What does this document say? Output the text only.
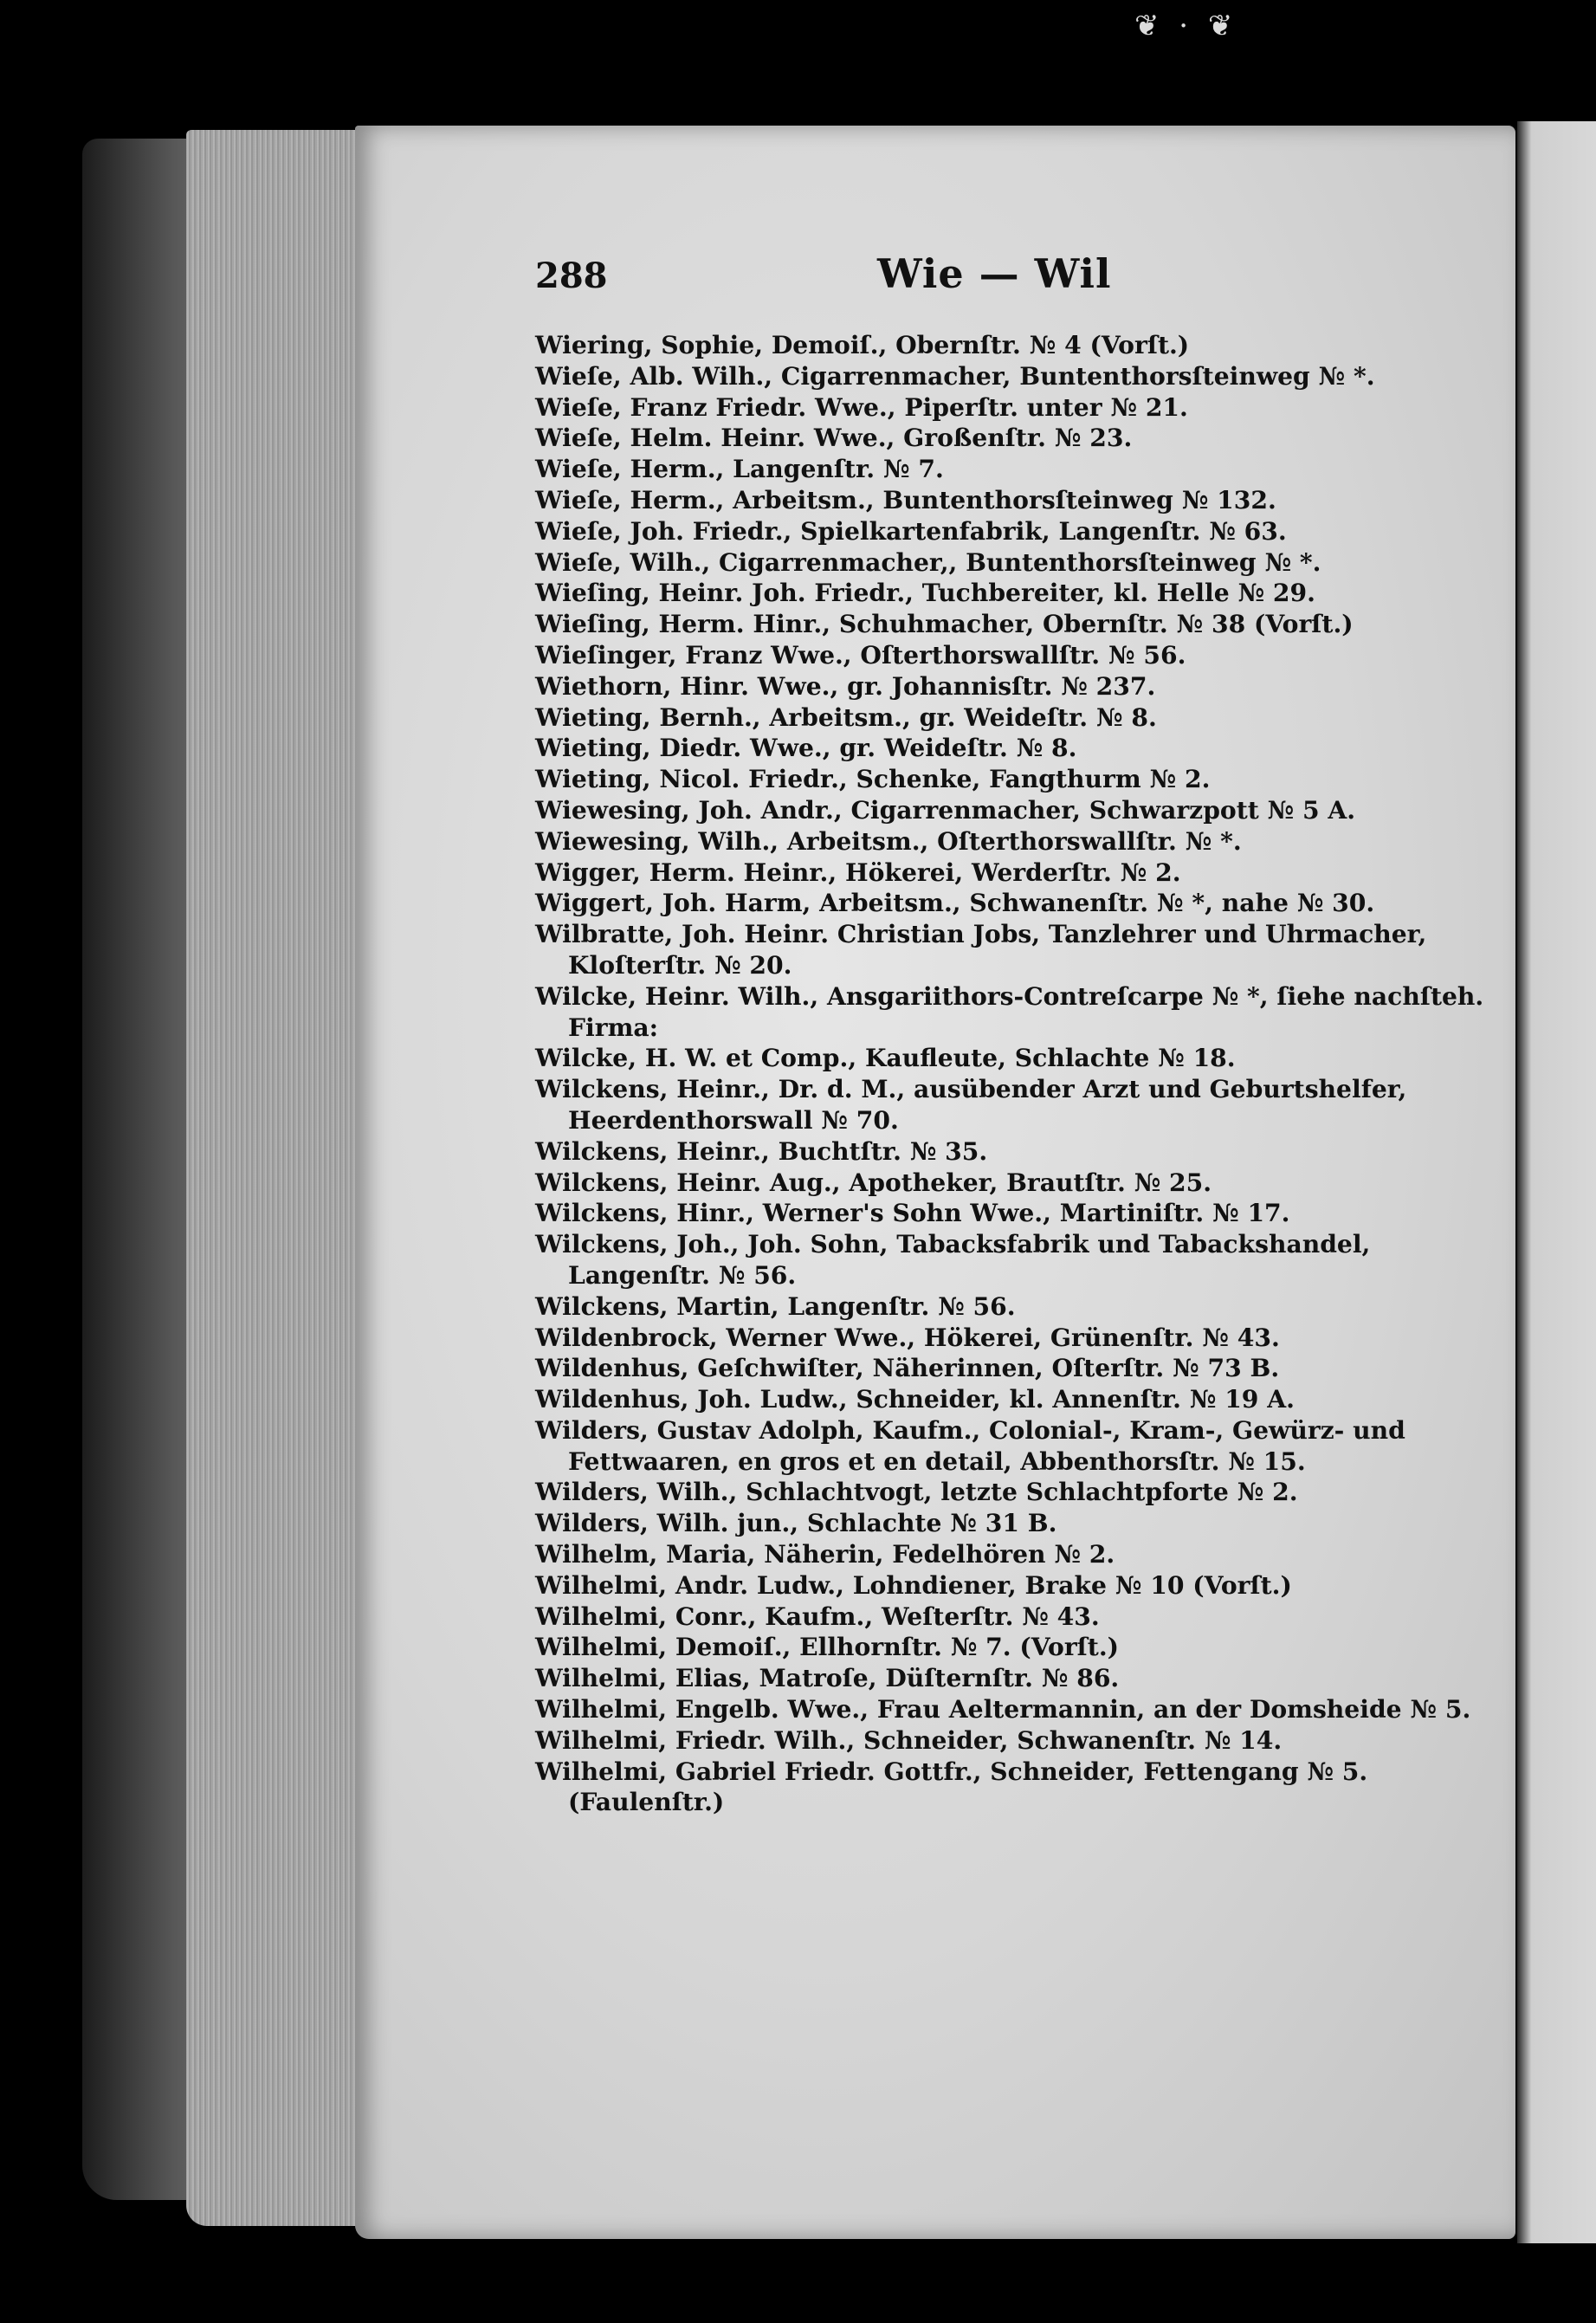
❦ · ❦
288	Wie — Wil
Wiering, Sophie, Demoiſ., Obernſtr. № 4 (Vorſt.)
Wieſe, Alb. Wilh., Cigarrenmacher, Buntenthorsſteinweg № *.
Wieſe, Franz Friedr. Wwe., Piperſtr. unter № 21.
Wieſe, Helm. Heinr. Wwe., Großenſtr. № 23.
Wieſe, Herm., Langenſtr. № 7.
Wieſe, Herm., Arbeitsm., Buntenthorsſteinweg № 132.
Wieſe, Joh. Friedr., Spielkartenfabrik, Langenſtr. № 63.
Wieſe, Wilh., Cigarrenmacher,, Buntenthorsſteinweg № *.
Wieſing, Heinr. Joh. Friedr., Tuchbereiter, kl. Helle № 29.
Wieſing, Herm. Hinr., Schuhmacher, Obernſtr. № 38 (Vorſt.)
Wieſinger, Franz Wwe., Oſterthorswallſtr. № 56.
Wiethorn, Hinr. Wwe., gr. Johannisſtr. № 237.
Wieting, Bernh., Arbeitsm., gr. Weideſtr. № 8.
Wieting, Diedr. Wwe., gr. Weideſtr. № 8.
Wieting, Nicol. Friedr., Schenke, Fangthurm № 2.
Wiewesing, Joh. Andr., Cigarrenmacher, Schwarzpott № 5 A.
Wiewesing, Wilh., Arbeitsm., Oſterthorswallſtr. № *.
Wigger, Herm. Heinr., Hökerei, Werderſtr. № 2.
Wiggert, Joh. Harm, Arbeitsm., Schwanenſtr. № *, nahe № 30.
Wilbratte, Joh. Heinr. Christian Jobs, Tanzlehrer und Uhrmacher, Kloſterſtr. № 20.
Wilcke, Heinr. Wilh., Ansgariithors-Contreſcarpe № *, ſiehe nachſteh. Firma:
Wilcke, H. W. et Comp., Kaufleute, Schlachte № 18.
Wilckens, Heinr., Dr. d. M., ausübender Arzt und Geburtshelfer, Heerdenthorswall № 70.
Wilckens, Heinr., Buchtſtr. № 35.
Wilckens, Heinr. Aug., Apotheker, Brautſtr. № 25.
Wilckens, Hinr., Werner's Sohn Wwe., Martiniſtr. № 17.
Wilckens, Joh., Joh. Sohn, Tabacksfabrik und Tabackshandel, Langenſtr. № 56.
Wilckens, Martin, Langenſtr. № 56.
Wildenbrock, Werner Wwe., Hökerei, Grünenſtr. № 43.
Wildenhus, Geſchwiſter, Näherinnen, Oſterſtr. № 73 B.
Wildenhus, Joh. Ludw., Schneider, kl. Annenſtr. № 19 A.
Wilders, Gustav Adolph, Kaufm., Colonial-, Kram-, Gewürz- und Fettwaaren, en gros et en detail, Abbenthorsſtr. № 15.
Wilders, Wilh., Schlachtvogt, letzte Schlachtpforte № 2.
Wilders, Wilh. jun., Schlachte № 31 B.
Wilhelm, Maria, Näherin, Fedelhören № 2.
Wilhelmi, Andr. Ludw., Lohndiener, Brake № 10 (Vorſt.)
Wilhelmi, Conr., Kaufm., Weſterſtr. № 43.
Wilhelmi, Demoiſ., Ellhornſtr. № 7. (Vorſt.)
Wilhelmi, Elias, Matroſe, Düſternſtr. № 86.
Wilhelmi, Engelb. Wwe., Frau Aeltermannin, an der Domsheide № 5.
Wilhelmi, Friedr. Wilh., Schneider, Schwanenſtr. № 14.
Wilhelmi, Gabriel Friedr. Gottfr., Schneider, Fettengang № 5. (Faulenſtr.)
